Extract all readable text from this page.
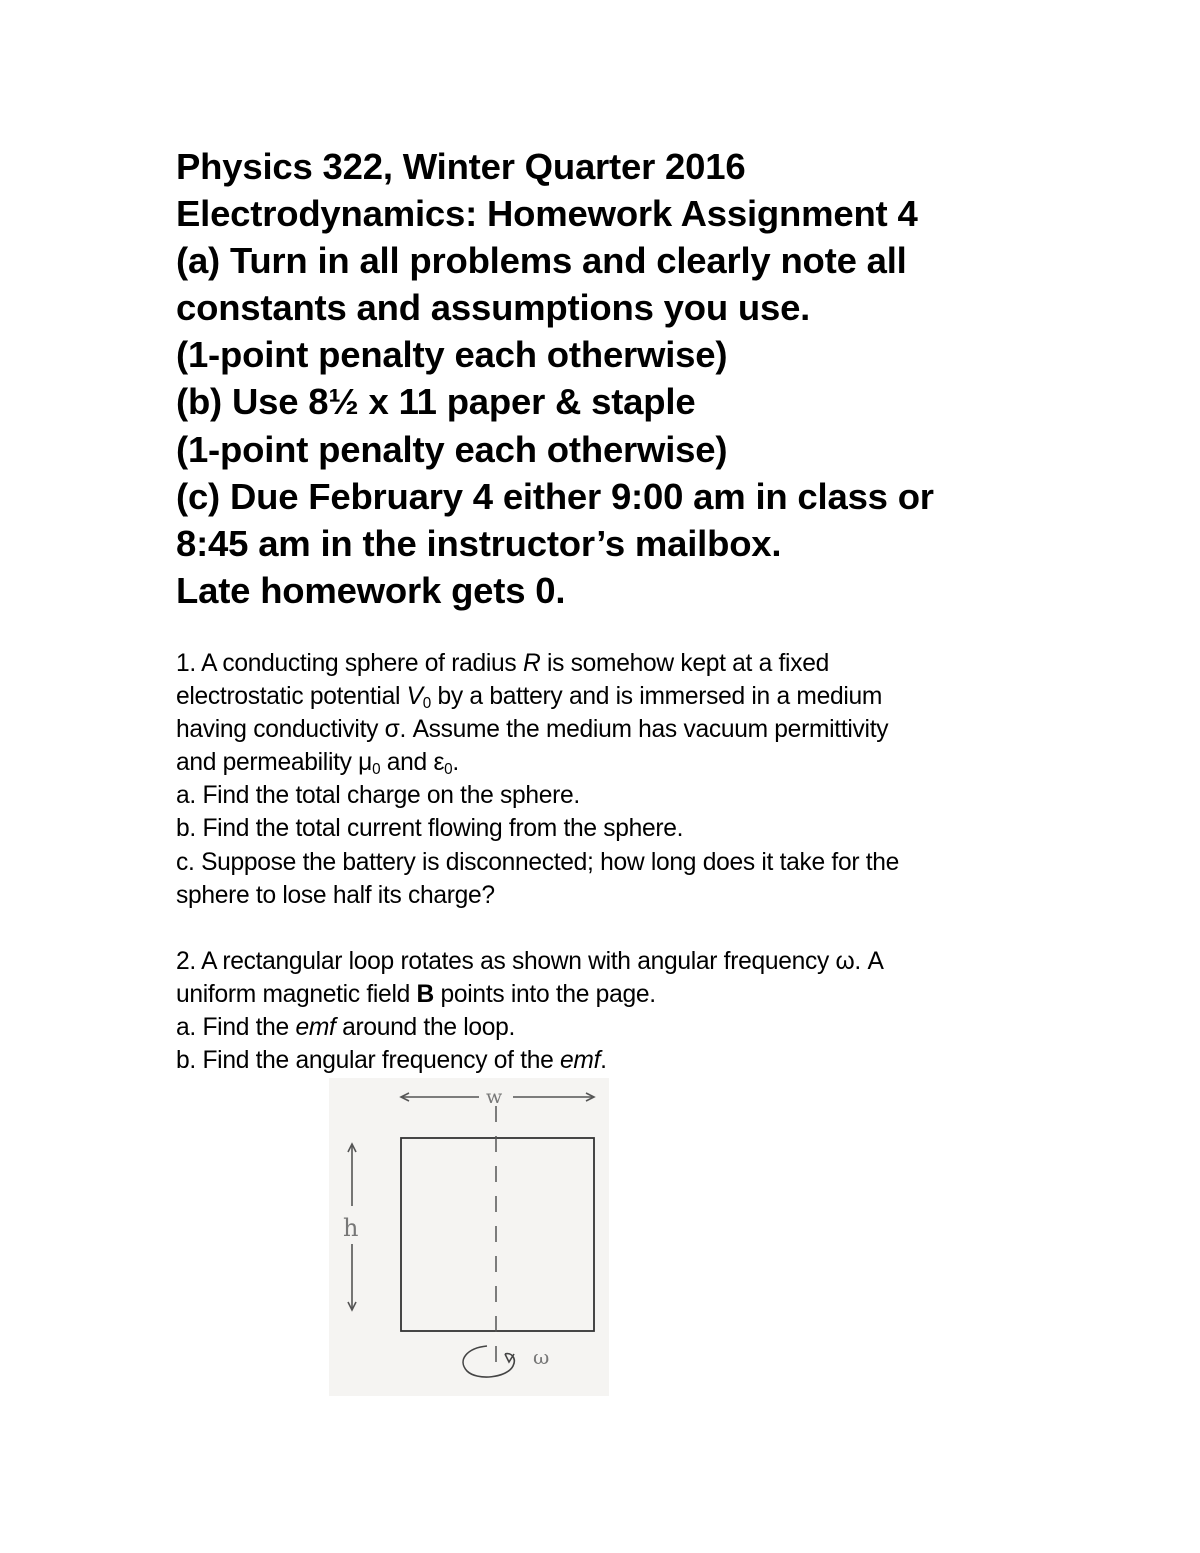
Physics 322, Winter Quarter 2016
Electrodynamics: Homework Assignment 4
(a) Turn in all problems and clearly note all
constants and assumptions you use.
(1-point penalty each otherwise)
(b) Use 8½ x 11 paper & staple
(1-point penalty each otherwise)
(c) Due February 4 either 9:00 am in class or
8:45 am in the instructor’s mailbox.
Late homework gets 0.
1. A conducting sphere of radius R is somehow kept at a fixed
electrostatic potential $V_0$ by a battery and is immersed in a medium
having conductivity σ. Assume the medium has vacuum permittivity
and permeability $\mu_0$ and $\varepsilon_0$.
a. Find the total charge on the sphere.
b. Find the total current flowing from the sphere.
c. Suppose the battery is disconnected; how long does it take for the
sphere to lose half its charge?
2. A rectangular loop rotates as shown with angular frequency ω. A
uniform magnetic field B points into the page.
a. Find the emf around the loop.
b. Find the angular frequency of the emf.
w
h
ω
